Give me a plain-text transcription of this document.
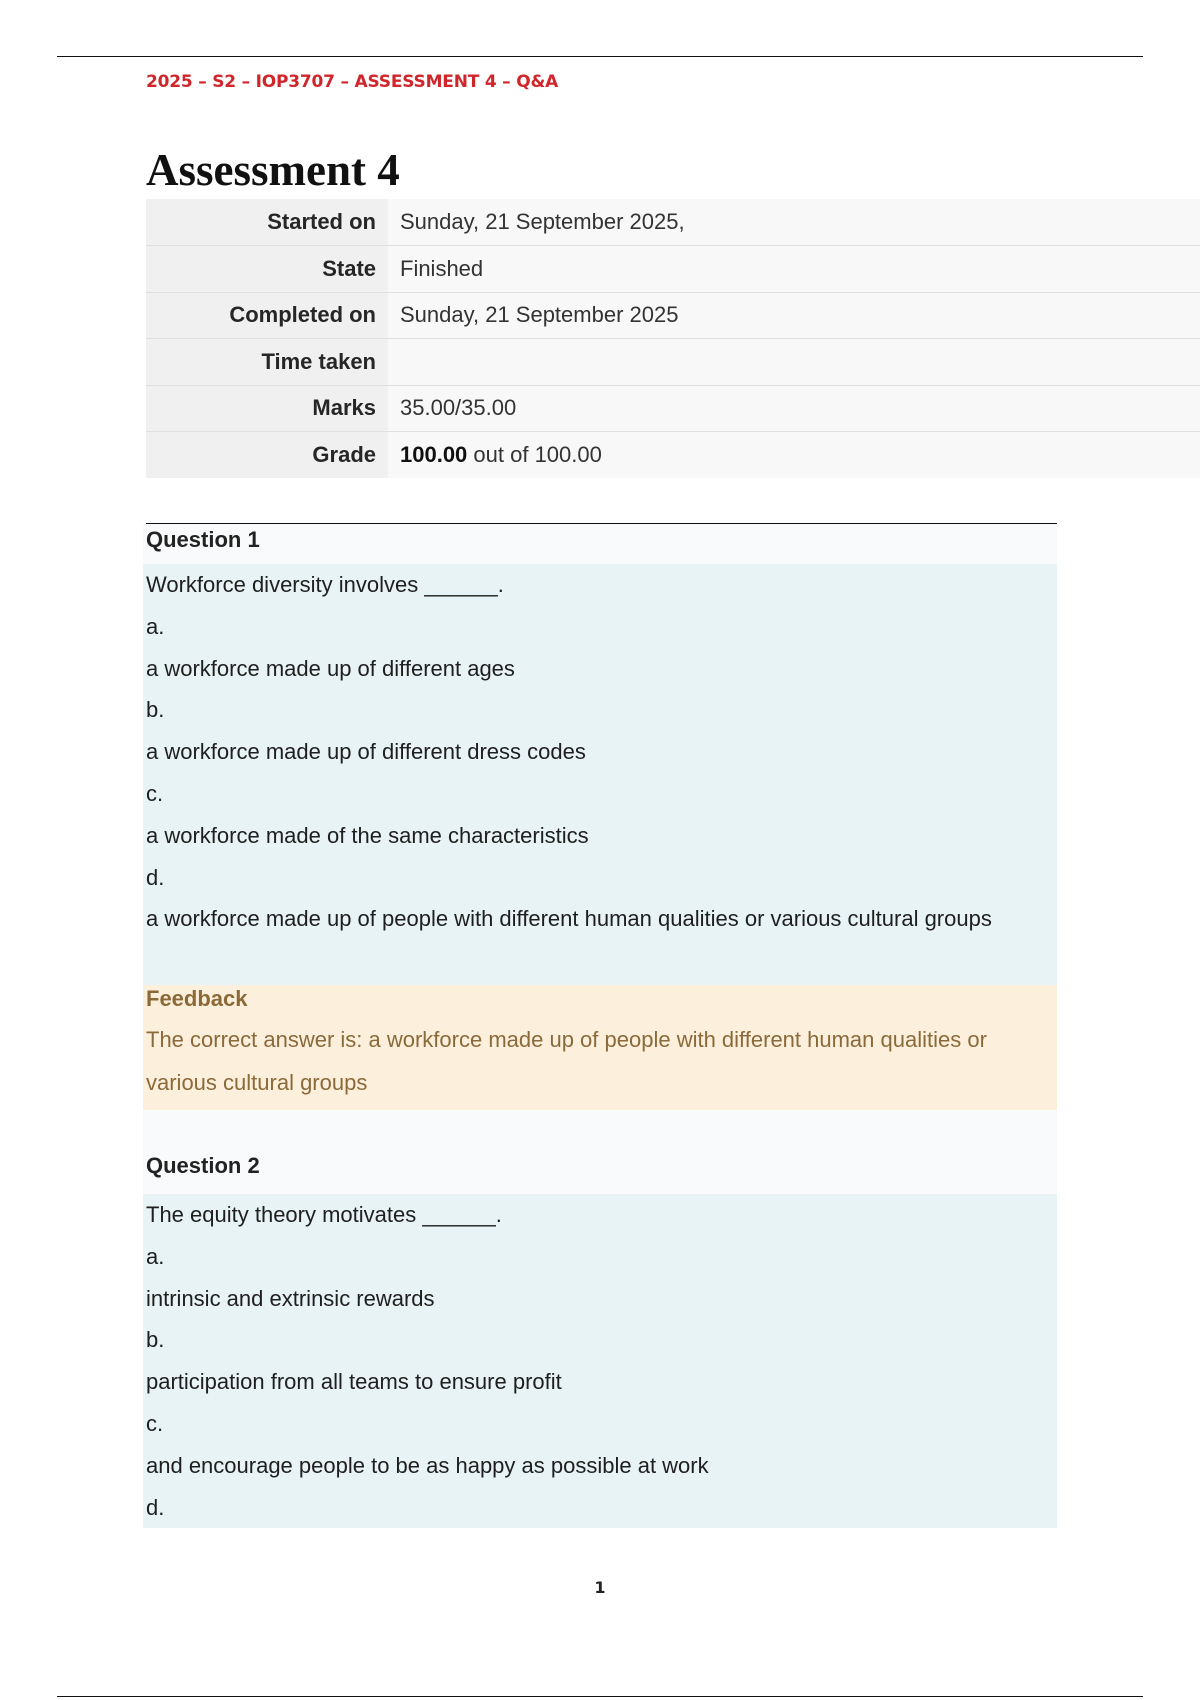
2025 – S2 – IOP3707 – ASSESSMENT 4 – Q&A
Assessment 4
Started on	Sunday, 21 September 2025,
State	Finished
Completed on	Sunday, 21 September 2025
Time taken	
Marks	35.00/35.00
Grade	100.00 out of 100.00
Question 1
Workforce diversity involves ______.
a.
a workforce made up of different ages
b.
a workforce made up of different dress codes
c.
a workforce made of the same characteristics
d.
a workforce made up of people with different human qualities or various cultural groups
Feedback
The correct answer is: a workforce made up of people with different human qualities or various cultural groups
Question 2
The equity theory motivates ______.
a.
intrinsic and extrinsic rewards
b.
participation from all teams to ensure profit
c.
and encourage people to be as happy as possible at work
d.
1
